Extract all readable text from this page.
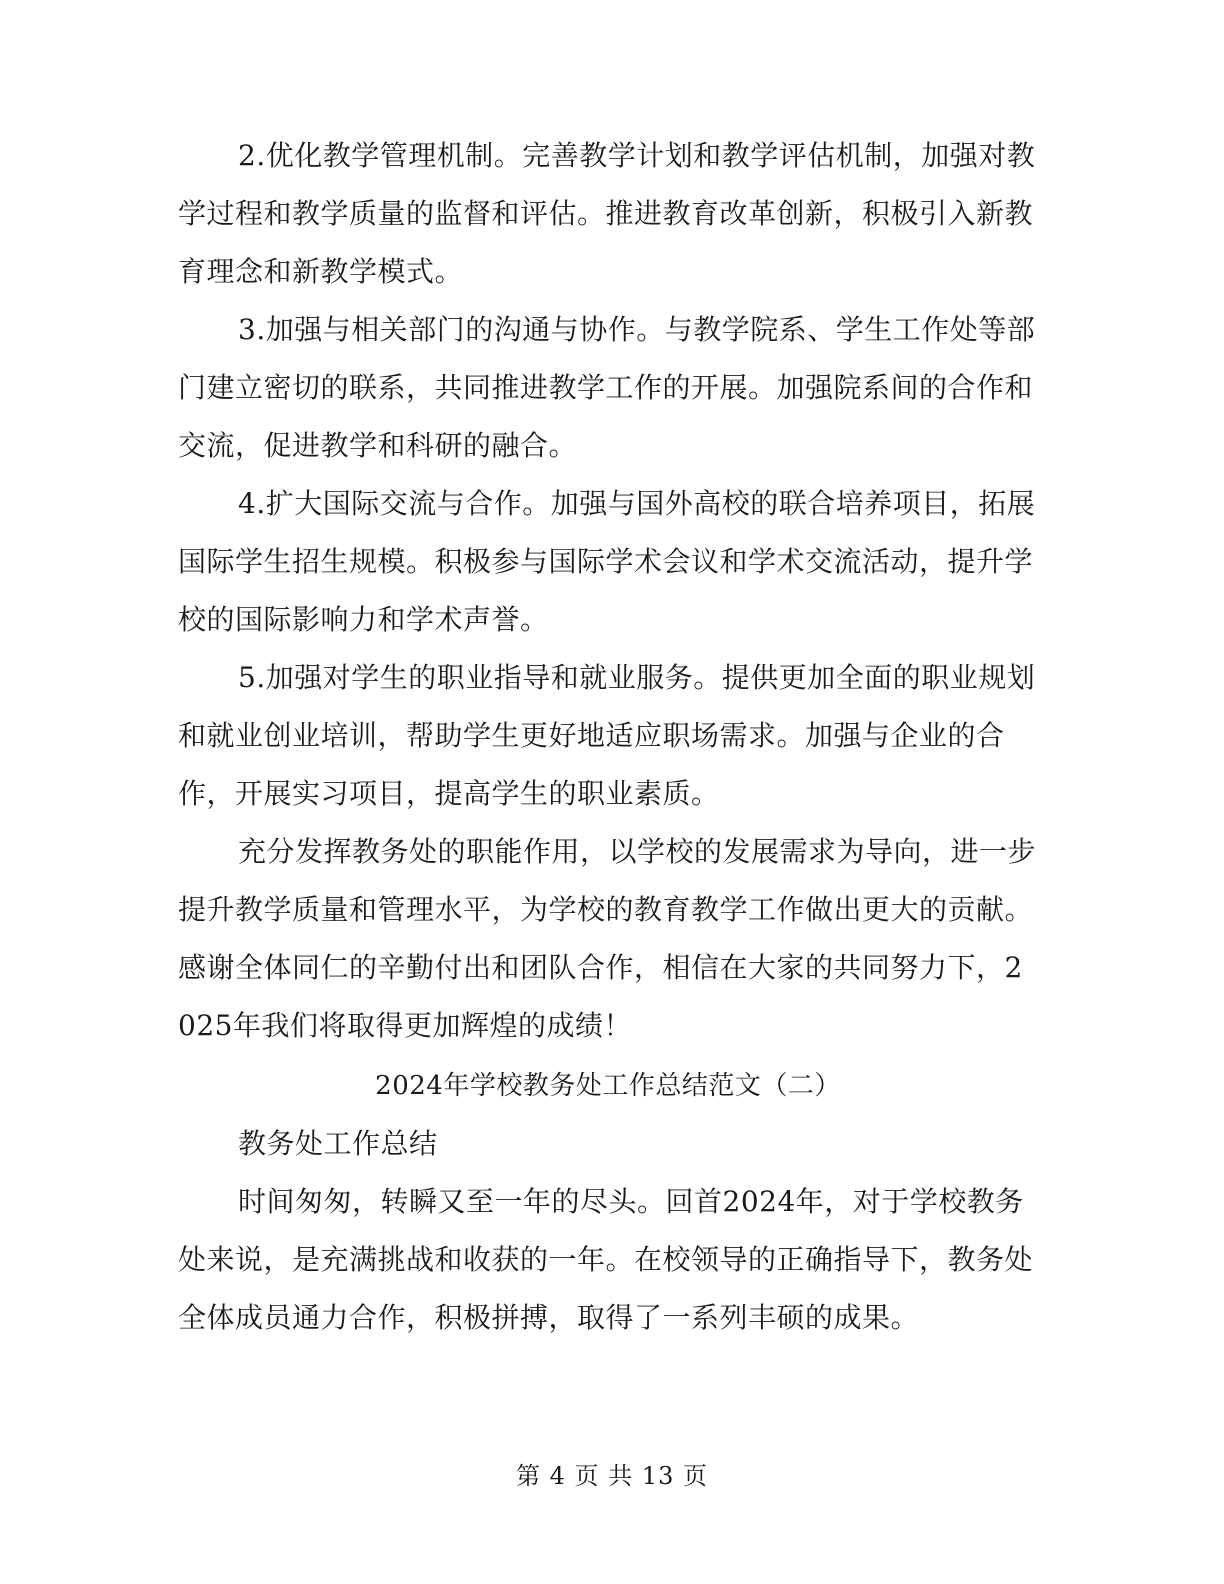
2.优化教学管理机制。完善教学计划和教学评估机制，加强对教学过程和教学质量的监督和评估。推进教育改革创新，积极引入新教育理念和新教学模式。

3.加强与相关部门的沟通与协作。与教学院系、学生工作处等部门建立密切的联系，共同推进教学工作的开展。加强院系间的合作和交流，促进教学和科研的融合。

4.扩大国际交流与合作。加强与国外高校的联合培养项目，拓展国际学生招生规模。积极参与国际学术会议和学术交流活动，提升学校的国际影响力和学术声誉。

5.加强对学生的职业指导和就业服务。提供更加全面的职业规划和就业创业培训，帮助学生更好地适应职场需求。加强与企业的合作，开展实习项目，提高学生的职业素质。

充分发挥教务处的职能作用，以学校的发展需求为导向，进一步提升教学质量和管理水平，为学校的教育教学工作做出更大的贡献。感谢全体同仁的辛勤付出和团队合作，相信在大家的共同努力下，2025年我们将取得更加辉煌的成绩！

2024年学校教务处工作总结范文（二）

教务处工作总结

时间匆匆，转瞬又至一年的尽头。回首2024年，对于学校教务处来说，是充满挑战和收获的一年。在校领导的正确指导下，教务处全体成员通力合作，积极拼搏，取得了一系列丰硕的成果。

第 4 页 共 13 页
